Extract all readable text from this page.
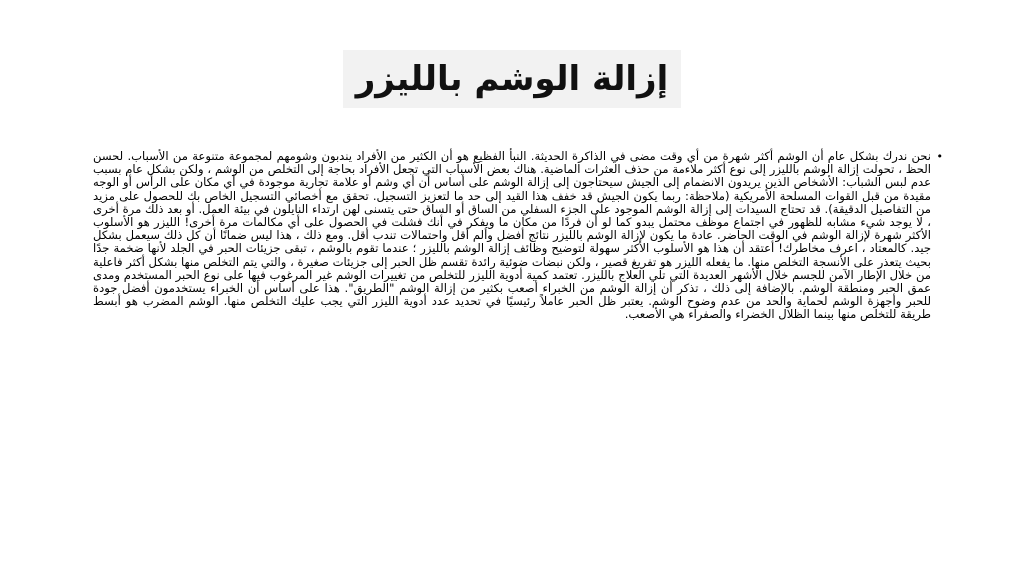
إزالة الوشم بالليزر

•
نحن ندرك بشكل عام أن الوشم أكثر شهرة من أي وقت مضى في الذاكرة الحديثة. النبأ الفظيع هو أن الكثير من الأفراد يندبون وشومهم لمجموعة متنوعة من الأسباب. لحسن الحظ ، تحولت إزالة الوشم بالليزر إلى نوع أكثر ملاءمة من حذف العثرات الماضية. هناك بعض الأسباب التي تجعل الأفراد بحاجة إلى التخلص من الوشم ، ولكن بشكل عام بسبب عدم لبس الشباب: الأشخاص الذين يريدون الانضمام إلى الجيش سيحتاجون إلى إزالة الوشم على أساس أن أي وشم أو علامة تجارية موجودة في أي مكان على الرأس أو الوجه مقيدة من قبل القوات المسلحة الأمريكية (ملاحظة: ربما يكون الجيش قد خفف هذا القيد إلى حد ما لتعزيز التسجيل. تحقق مع أخصائي التسجيل الخاص بك للحصول على مزيد من التفاصيل الدقيقة). قد تحتاج السيدات إلى إزالة الوشم الموجود على الجزء السفلي من الساق أو الساق حتى يتسنى لهن ارتداء النايلون في بيئة العمل. أو بعد ذلك مرة أخرى ، لا يوجد شيء مشابه للظهور في اجتماع موظف محتمل يبدو كما لو أن فردًا من مكان ما ويفكر في أنك فشلت في الحصول على أي مكالمات مرة أخرى! الليزر هو الأسلوب الأكثر شهرة لإزالة الوشم في الوقت الحاضر. عادة ما يكون لإزالة الوشم بالليزر نتائج أفضل وألم أقل واحتمالات تندب أقل. ومع ذلك ، هذا ليس ضمانًا أن كل ذلك سيعمل بشكل جيد. كالمعتاد ، اعرف مخاطرك! أعتقد أن هذا هو الأسلوب الأكثر سهولة لتوضيح وظائف إزالة الوشم بالليزر ؛ عندما تقوم بالوشم ، تبقى جزيئات الحبر في الجلد لأنها ضخمة جدًا بحيث يتعذر على الأنسجة التخلص منها. ما يفعله الليزر هو تفريغ قصير ، ولكن نبضات ضوئية رائدة تقسم ظل الحبر إلى جزيئات صغيرة ، والتي يتم التخلص منها بشكل أكثر فاعلية من خلال الإطار الآمن للجسم خلال الأشهر العديدة التي تلي العلاج بالليزر. تعتمد كمية أدوية الليزر للتخلص من تغييرات الوشم غير المرغوب فيها على نوع الحبر المستخدم ومدى عمق الحبر ومنطقة الوشم. بالإضافة إلى ذلك ، تذكر أن إزالة الوشم من الخبراء أصعب بكثير من إزالة الوشم "الطريق". هذا على أساس أن الخبراء يستخدمون أفضل جودة للحبر وأجهزة الوشم لحماية والحد من عدم وضوح الوشم. يعتبر ظل الحبر عاملاً رئيسيًا في تحديد عدد أدوية الليزر التي يجب عليك التخلص منها. الوشم المضرب هو أبسط طريقة للتخلص منها بينما الظلال الخضراء والصفراء هي الأصعب.
